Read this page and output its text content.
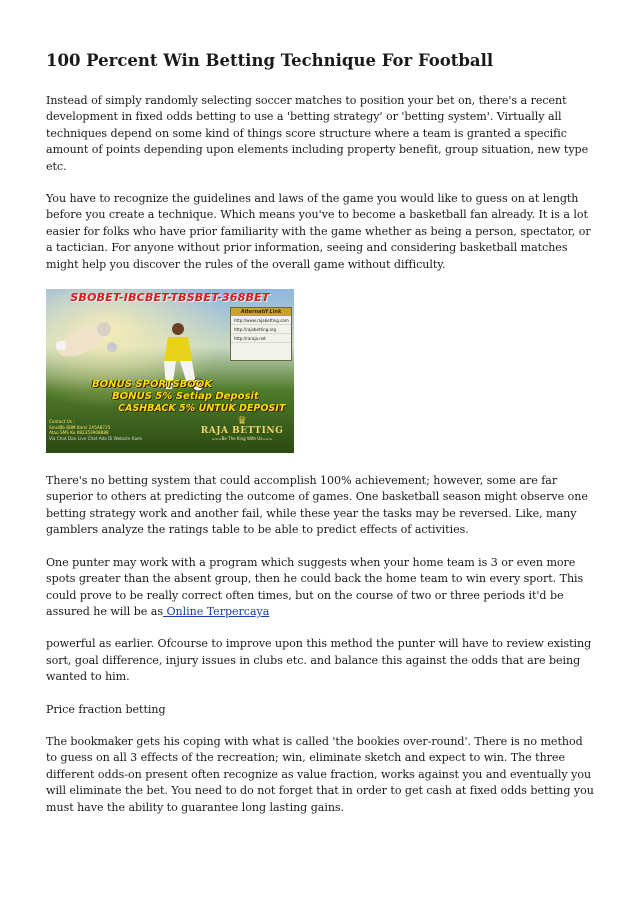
100 Percent Win Betting Technique For Football

Instead of simply randomly selecting soccer matches to position your bet on, there's a recent development in fixed odds betting to use a 'betting strategy' or 'betting system'. Virtually all techniques depend on some kind of things score structure where a team is granted a specific amount of points depending upon elements including property benefit, group situation, new type etc.

You have to recognize the guidelines and laws of the game you would like to guess on at length before you create a technique. Which means you've to become a basketball fan already. It is a lot easier for folks who have prior familiarity with the game whether as being a person, spectator, or a tactician. For anyone without prior information, seeing and considering basketball matches might help you discover the rules of the overall game without difficulty.

SBOBET-IBCBET-TBSBET-368BET
Alternatif Link
http://www.rajabetting.com
http://rajabetting.org
http://raraja.net
BONUS SPORTSBOOK
BONUS 5% Setiap Deposit
CASHBACK 5% UNTUK DEPOSIT
Contact Us :
Sms/Bb BBM Kami 2A5A8725
Atau SMS Ke 082353908888
Via Chat Dan Live Chat Ada Di Website Kami
♛
RAJA BETTING
===Be The King With Us===

There's no betting system that could accomplish 100% achievement; however, some are far superior to others at predicting the outcome of games. One basketball season might observe one betting strategy work and another fail, while these year the tasks may be reversed. Like, many gamblers analyze the ratings table to be able to predict effects of activities.

One punter may work with a program which suggests when your home team is 3 or even more spots greater than the absent group, then he could back the home team to win every sport. This could prove to be really correct often times, but on the course of two or three periods it'd be assured he will be as Online Terpercaya

powerful as earlier. Ofcourse to improve upon this method the punter will have to review existing sort, goal difference, injury issues in clubs etc. and balance this against the odds that are being wanted to him.

Price fraction betting

The bookmaker gets his coping with what is called 'the bookies over-round'. There is no method to guess on all 3 effects of the recreation; win, eliminate sketch and expect to win. The three different odds-on present often recognize as value fraction, works against you and eventually you will eliminate the bet. You need to do not forget that in order to get cash at fixed odds betting you must have the ability to guarantee long lasting gains.
